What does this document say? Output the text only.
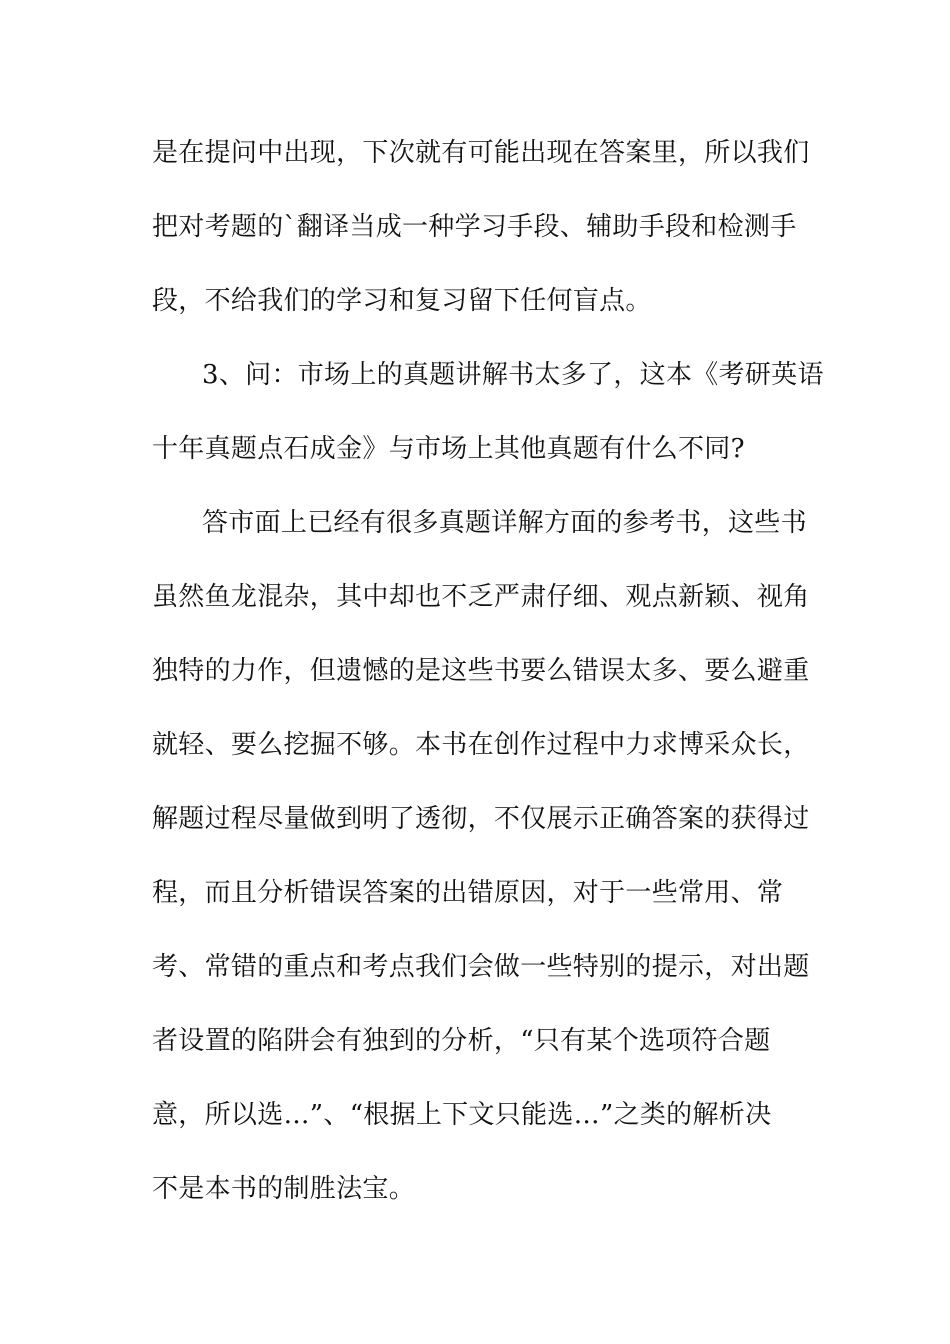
是在提问中出现，下次就有可能出现在答案里，所以我们
把对考题的`翻译当成一种学习手段、辅助手段和检测手
段，不给我们的学习和复习留下任何盲点。
3、问：市场上的真题讲解书太多了，这本《考研英语
十年真题点石成金》与市场上其他真题有什么不同?
答市面上已经有很多真题详解方面的参考书，这些书
虽然鱼龙混杂，其中却也不乏严肃仔细、观点新颖、视角
独特的力作，但遗憾的是这些书要么错误太多、要么避重
就轻、要么挖掘不够。本书在创作过程中力求博采众长，
解题过程尽量做到明了透彻，不仅展示正确答案的获得过
程，而且分析错误答案的出错原因，对于一些常用、常
考、常错的重点和考点我们会做一些特别的提示，对出题
者设置的陷阱会有独到的分析，“只有某个选项符合题
意，所以选…”、“根据上下文只能选…”之类的解析决
不是本书的制胜法宝。
